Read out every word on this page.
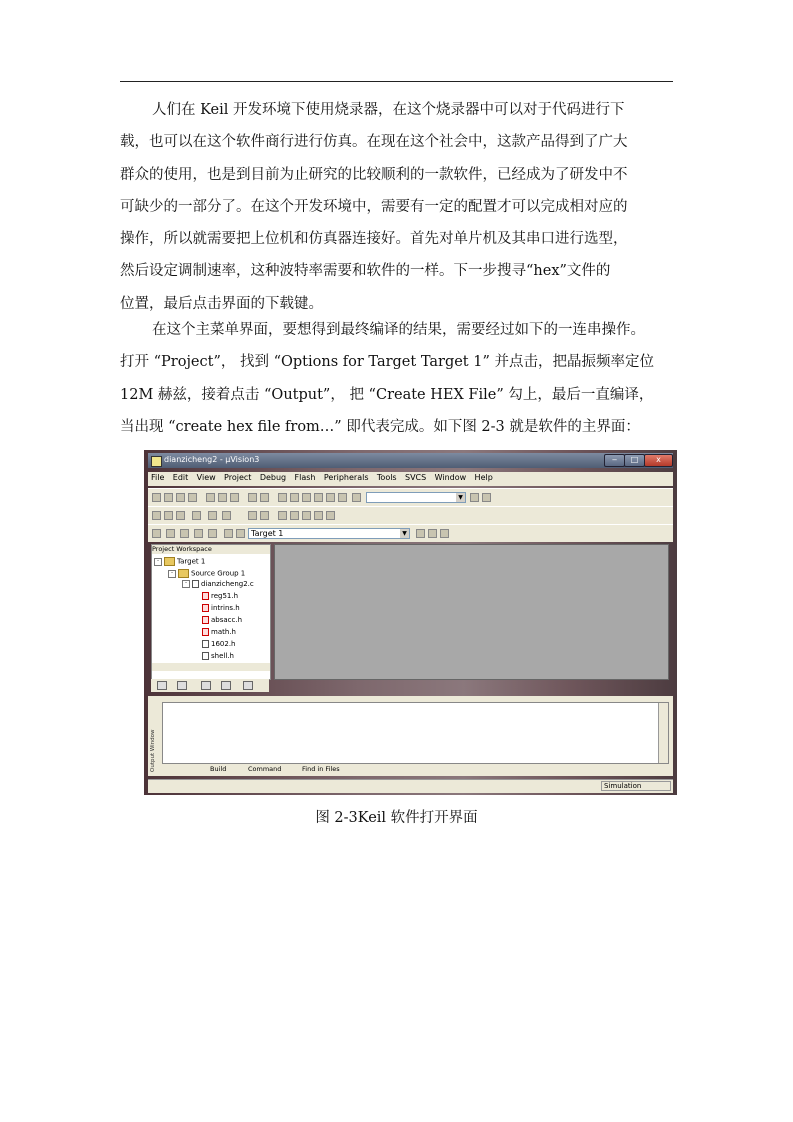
人们在 Keil 开发环境下使用烧录器，在这个烧录器中可以对于代码进行下
载，也可以在这个软件商行进行仿真。在现在这个社会中，这款产品得到了广大
群众的使用，也是到目前为止研究的比较顺利的一款软件，已经成为了研发中不
可缺少的一部分了。在这个开发环境中，需要有一定的配置才可以完成相对应的
操作，所以就需要把上位机和仿真器连接好。首先对单片机及其串口进行选型，
然后设定调制速率，这种波特率需要和软件的一样。下一步搜寻“hex”文件的
位置，最后点击界面的下载键。
在这个主菜单界面，要想得到最终编译的结果，需要经过如下的一连串操作。
打开 “Project”， 找到 “Options for Target Target 1” 并点击，把晶振频率定位
12M 赫兹，接着点击 “Output”， 把 “Create HEX File” 勾上，最后一直编译，
当出现 “create hex file from…” 即代表完成。如下图 2-3 就是软件的主界面：
dianzicheng2 - µVision3	‒	□	x
File Edit View Project Debug Flash Peripherals Tools SVCS Window Help
▼
Target 1	▼
Project Workspace
-	Target 1
-	Source Group 1
- dianzicheng2.c
reg51.h
intrins.h
absacc.h
math.h
1602.h
shell.h
Output Window	Build	Command	Find in Files
Simulation
图 2-3Keil 软件打开界面
